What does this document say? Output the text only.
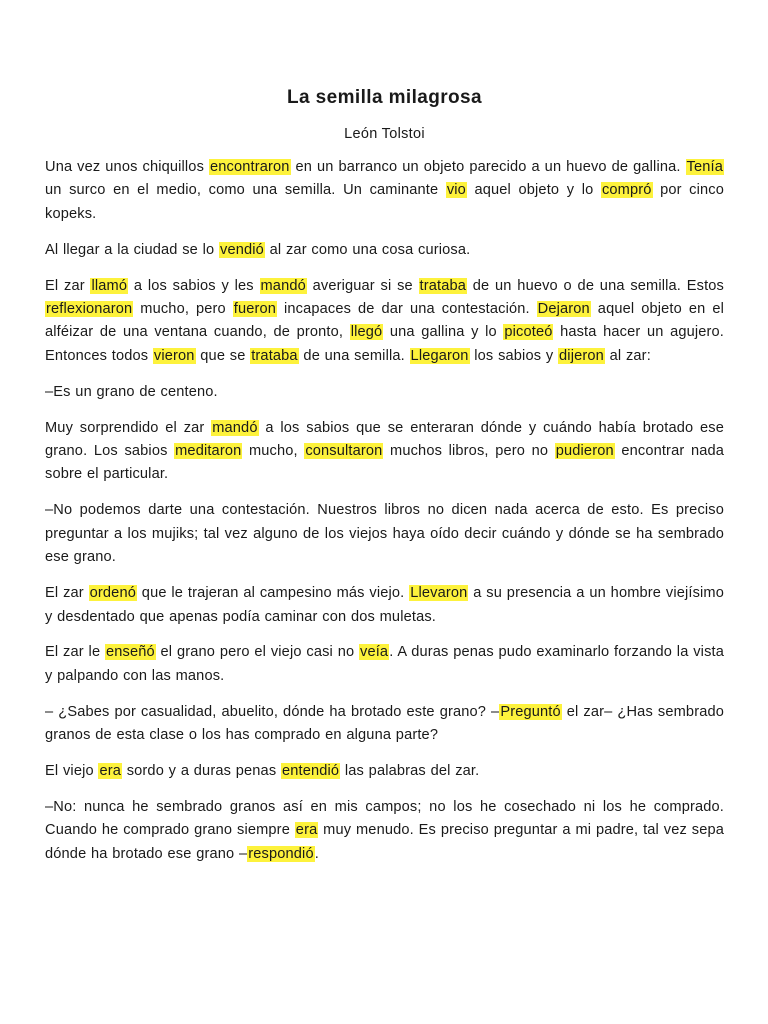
La semilla milagrosa
León Tolstoi

Una vez unos chiquillos encontraron en un barranco un objeto parecido a un huevo de gallina. Tenía un surco en el medio, como una semilla. Un caminante vio aquel objeto y lo compró por cinco kopeks.

Al llegar a la ciudad se lo vendió al zar como una cosa curiosa.

El zar llamó a los sabios y les mandó averiguar si se trataba de un huevo o de una semilla. Estos reflexionaron mucho, pero fueron incapaces de dar una contestación. Dejaron aquel objeto en el alféizar de una ventana cuando, de pronto, llegó una gallina y lo picoteó hasta hacer un agujero. Entonces todos vieron que se trataba de una semilla. Llegaron los sabios y dijeron al zar:

–Es un grano de centeno.

Muy sorprendido el zar mandó a los sabios que se enteraran dónde y cuándo había brotado ese grano. Los sabios meditaron mucho, consultaron muchos libros, pero no pudieron encontrar nada sobre el particular.

–No podemos darte una contestación. Nuestros libros no dicen nada acerca de esto. Es preciso preguntar a los mujiks; tal vez alguno de los viejos haya oído decir cuándo y dónde se ha sembrado ese grano.

El zar ordenó que le trajeran al campesino más viejo. Llevaron a su presencia a un hombre viejísimo y desdentado que apenas podía caminar con dos muletas.

El zar le enseñó el grano pero el viejo casi no veía. A duras penas pudo examinarlo forzando la vista y palpando con las manos.

– ¿Sabes por casualidad, abuelito, dónde ha brotado este grano? –Preguntó el zar– ¿Has sembrado granos de esta clase o los has comprado en alguna parte?

El viejo era sordo y a duras penas entendió las palabras del zar.

–No: nunca he sembrado granos así en mis campos; no los he cosechado ni los he comprado. Cuando he comprado grano siempre era muy menudo. Es preciso preguntar a mi padre, tal vez sepa dónde ha brotado ese grano –respondió.
